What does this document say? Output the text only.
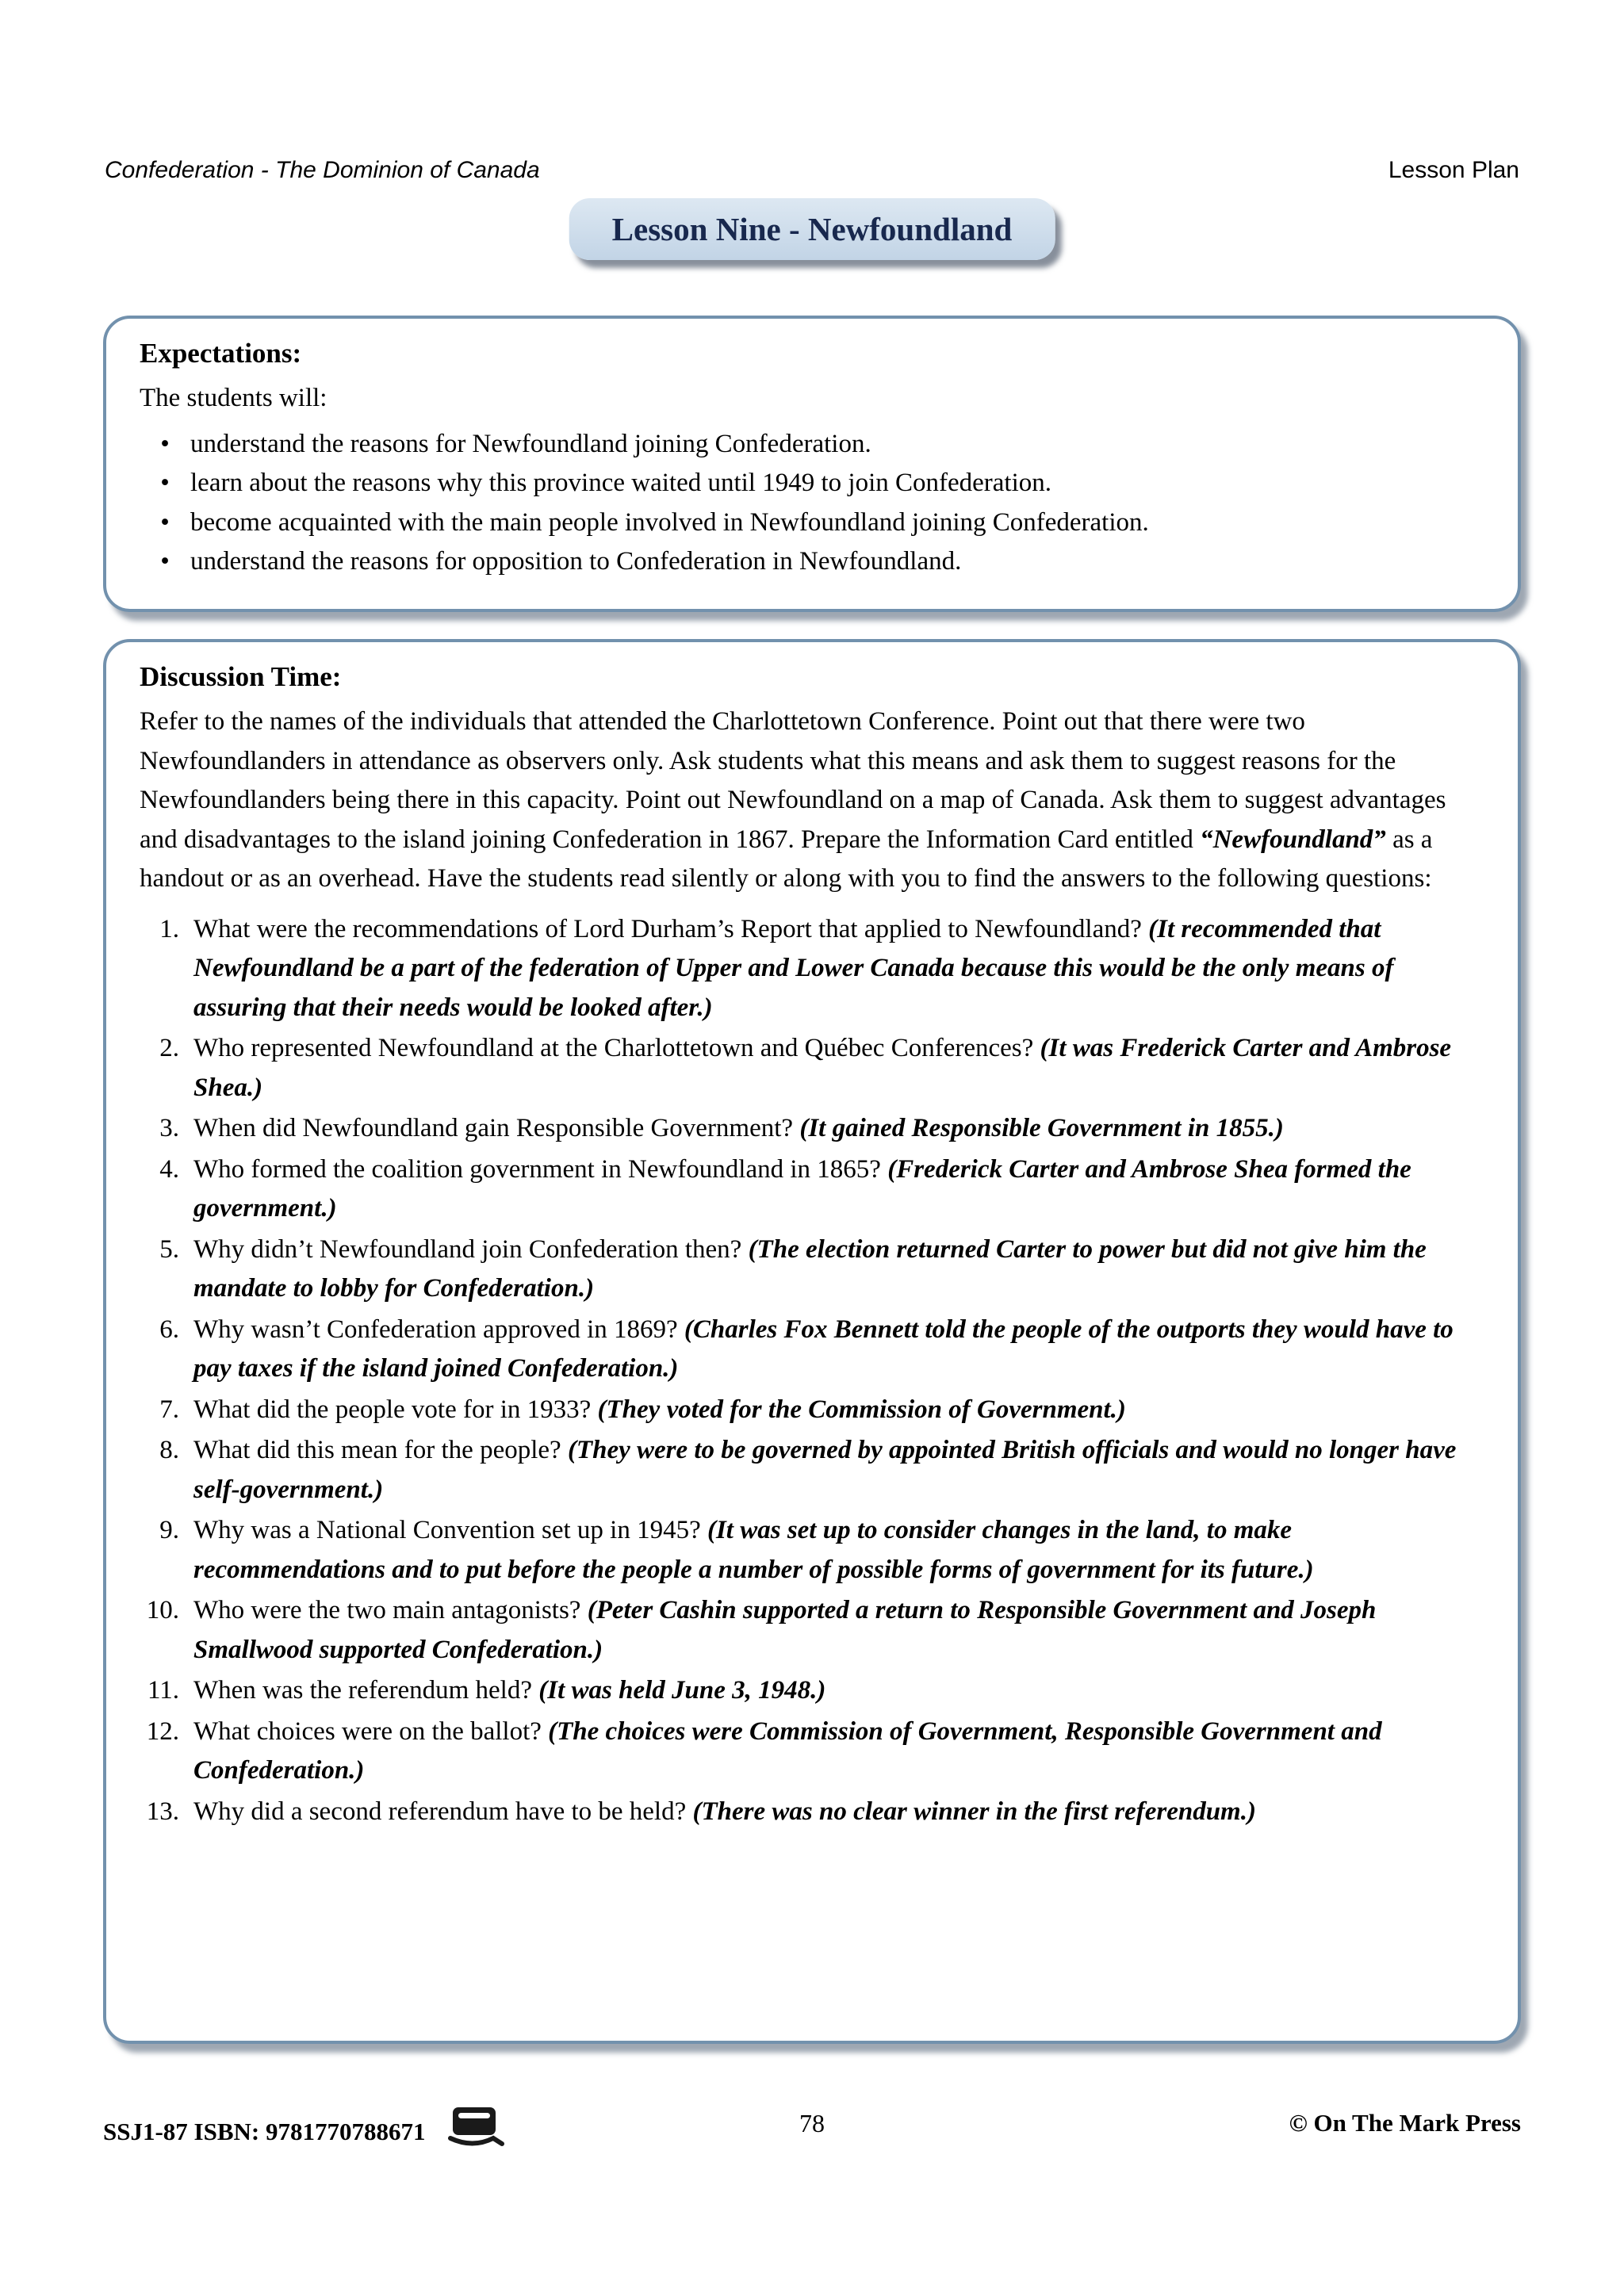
Confederation - The Dominion of Canada	Lesson Plan
Lesson Nine - Newfoundland
Expectations:
The students will:
• understand the reasons for Newfoundland joining Confederation.
• learn about the reasons why this province waited until 1949 to join Confederation.
• become acquainted with the main people involved in Newfoundland joining Confederation.
• understand the reasons for opposition to Confederation in Newfoundland.
Discussion Time:
Refer to the names of the individuals that attended the Charlottetown Conference. Point out that there were two Newfoundlanders in attendance as observers only. Ask students what this means and ask them to suggest reasons for the Newfoundlanders being there in this capacity. Point out Newfoundland on a map of Canada. Ask them to suggest advantages and disadvantages to the island joining Confederation in 1867. Prepare the Information Card entitled “Newfoundland” as a handout or as an overhead. Have the students read silently or along with you to find the answers to the following questions:
1. What were the recommendations of Lord Durham’s Report that applied to Newfoundland? (It recommended that Newfoundland be a part of the federation of Upper and Lower Canada because this would be the only means of assuring that their needs would be looked after.)
2. Who represented Newfoundland at the Charlottetown and Québec Conferences? (It was Frederick Carter and Ambrose Shea.)
3. When did Newfoundland gain Responsible Government? (It gained Responsible Government in 1855.)
4. Who formed the coalition government in Newfoundland in 1865? (Frederick Carter and Ambrose Shea formed the government.)
5. Why didn’t Newfoundland join Confederation then? (The election returned Carter to power but did not give him the mandate to lobby for Confederation.)
6. Why wasn’t Confederation approved in 1869? (Charles Fox Bennett told the people of the outports they would have to pay taxes if the island joined Confederation.)
7. What did the people vote for in 1933? (They voted for the Commission of Government.)
8. What did this mean for the people? (They were to be governed by appointed British officials and would no longer have self-government.)
9. Why was a National Convention set up in 1945? (It was set up to consider changes in the land, to make recommendations and to put before the people a number of possible forms of government for its future.)
10. Who were the two main antagonists? (Peter Cashin supported a return to Responsible Government and Joseph Smallwood supported Confederation.)
11. When was the referendum held? (It was held June 3, 1948.)
12. What choices were on the ballot? (The choices were Commission of Government, Responsible Government and Confederation.)
13. Why did a second referendum have to be held? (There was no clear winner in the first referendum.)
SSJ1-87 ISBN: 9781770788671	78	© On The Mark Press
